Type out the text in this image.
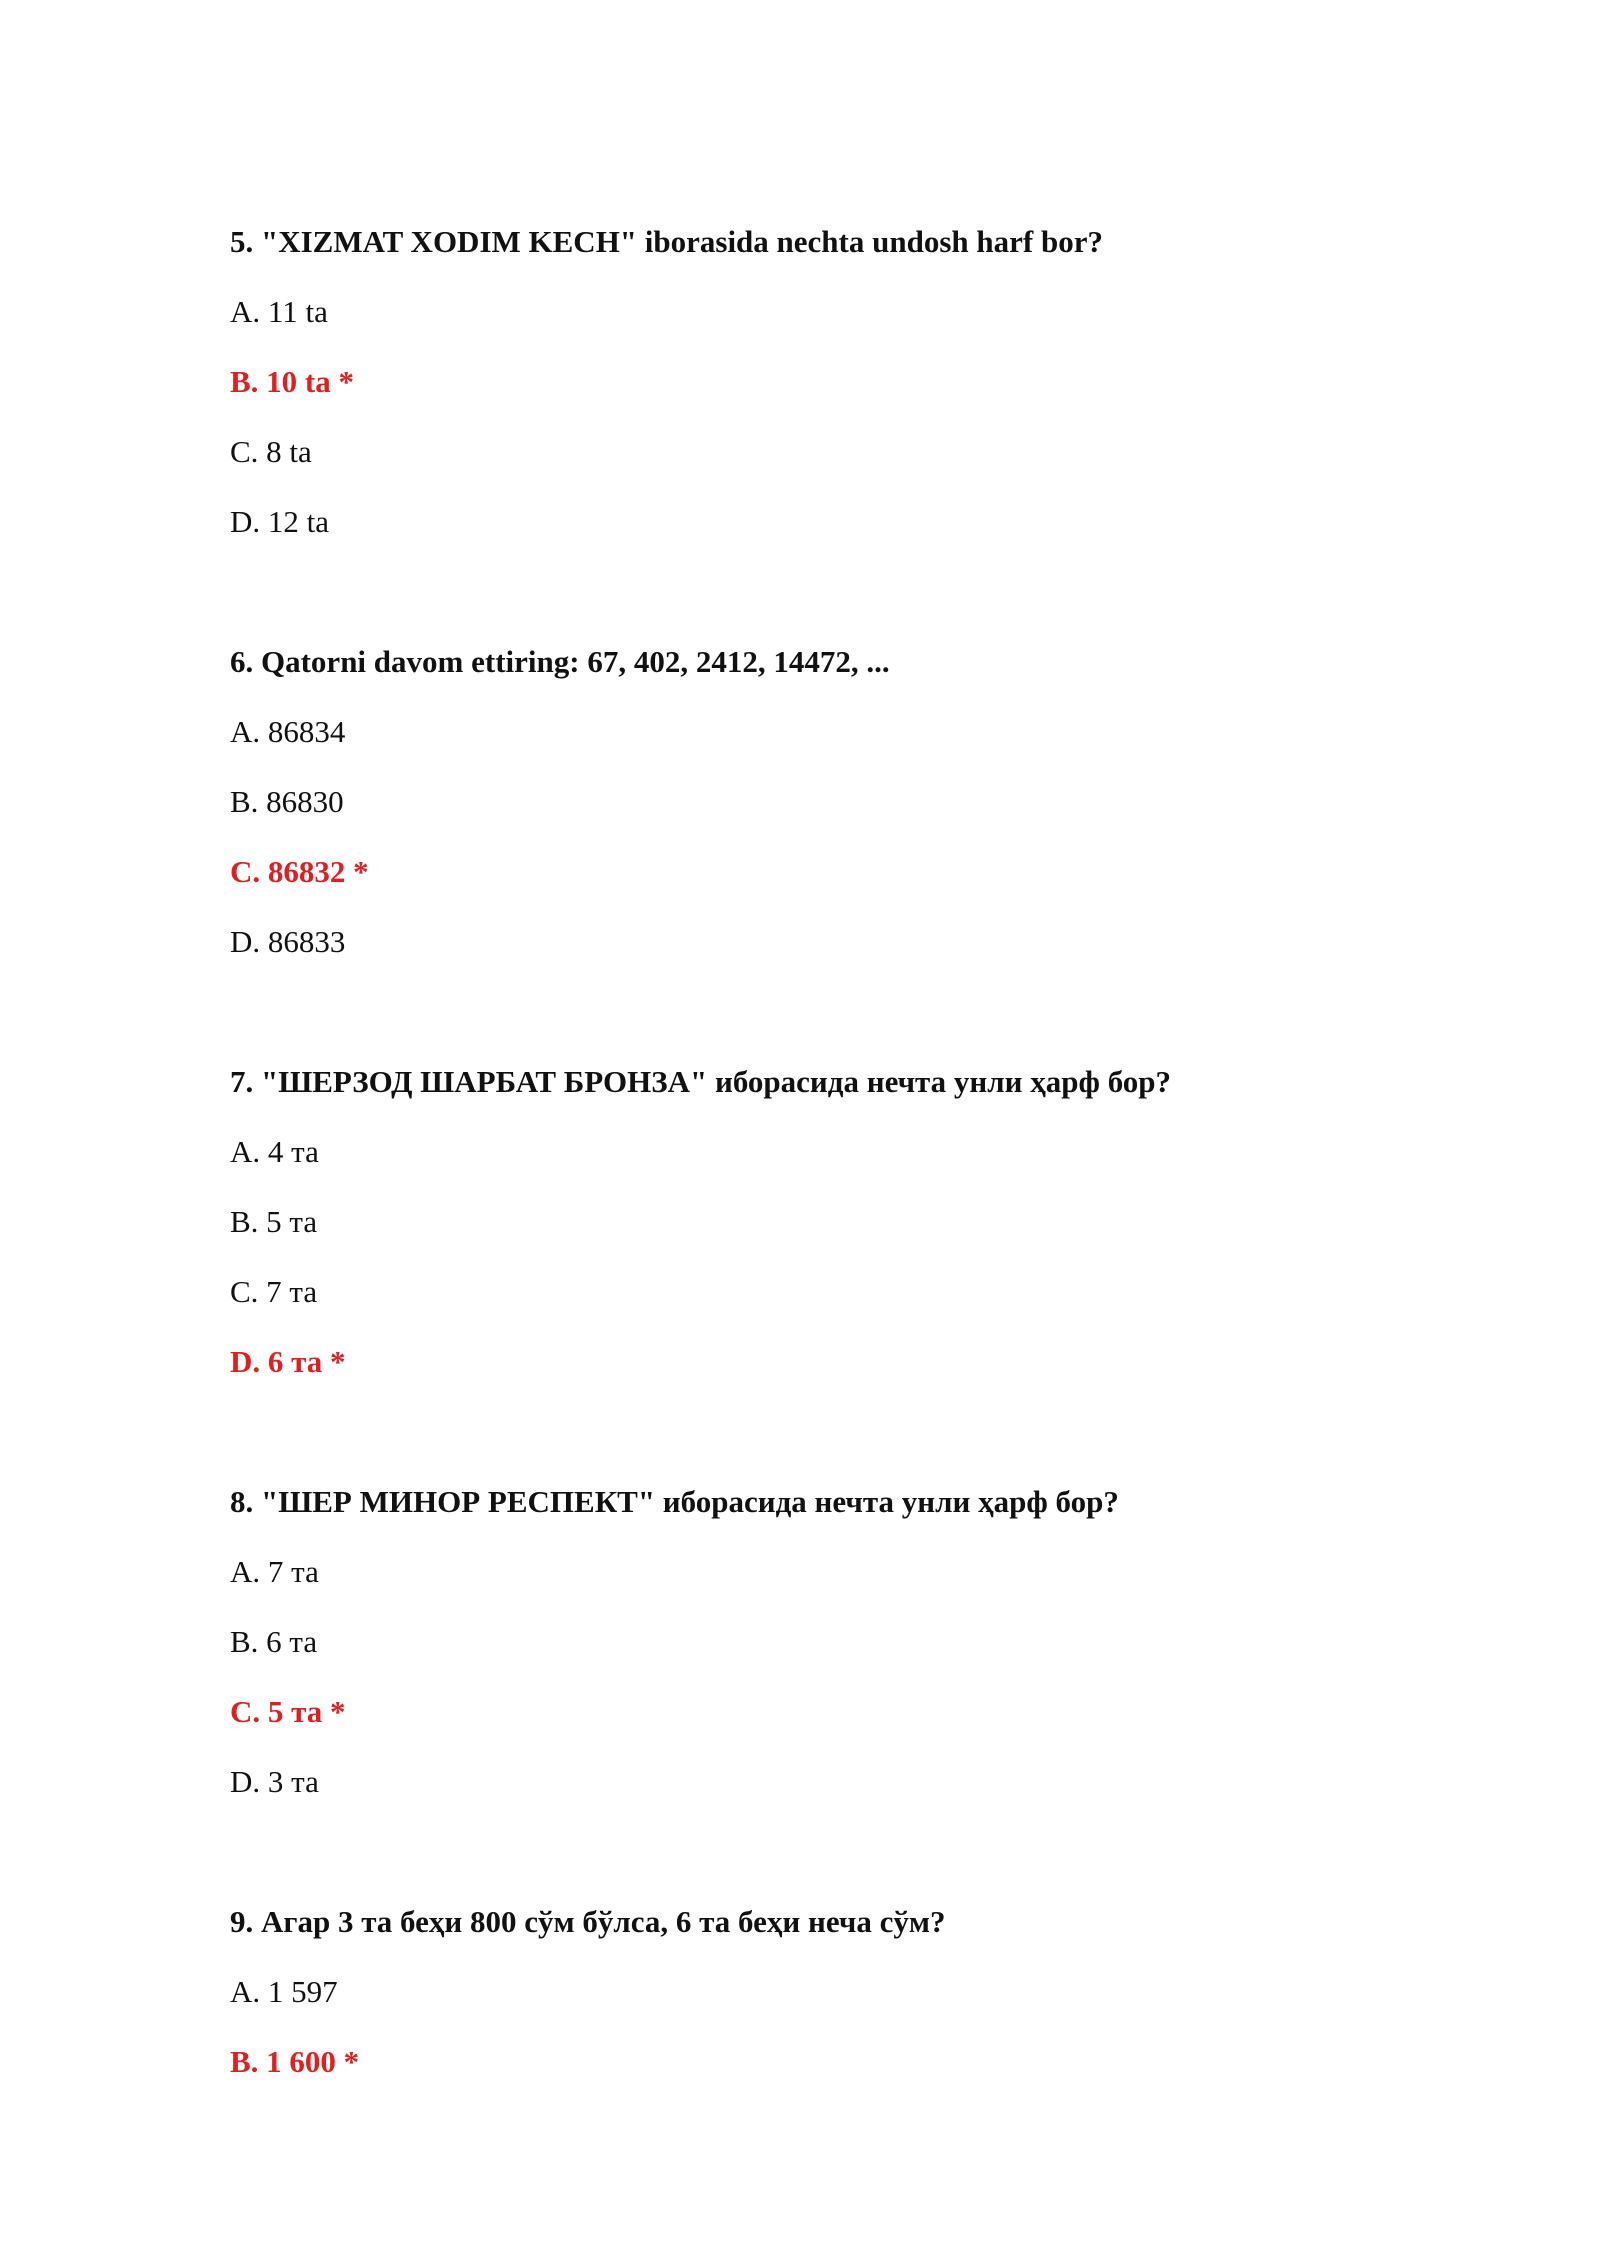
5. "XIZMAT XODIM KECH" iborasida nechta undosh harf bor?
A. 11 ta
B. 10 ta *
C. 8 ta
D. 12 ta
6. Qatorni davom ettiring: 67, 402, 2412, 14472, ...
A. 86834
B. 86830
C. 86832 *
D. 86833
7. "ШЕРЗОД ШАРБАТ БРОНЗА" иборасида нечта унли ҳарф бор?
A. 4 та
B. 5 та
C. 7 та
D. 6 та *
8. "ШЕР МИНОР РЕСПЕКТ" иборасида нечта унли ҳарф бор?
A. 7 та
B. 6 та
C. 5 та *
D. 3 та
9. Агар 3 та беҳи 800 сўм бўлса, 6 та беҳи неча сўм?
A. 1 597
B. 1 600 *
